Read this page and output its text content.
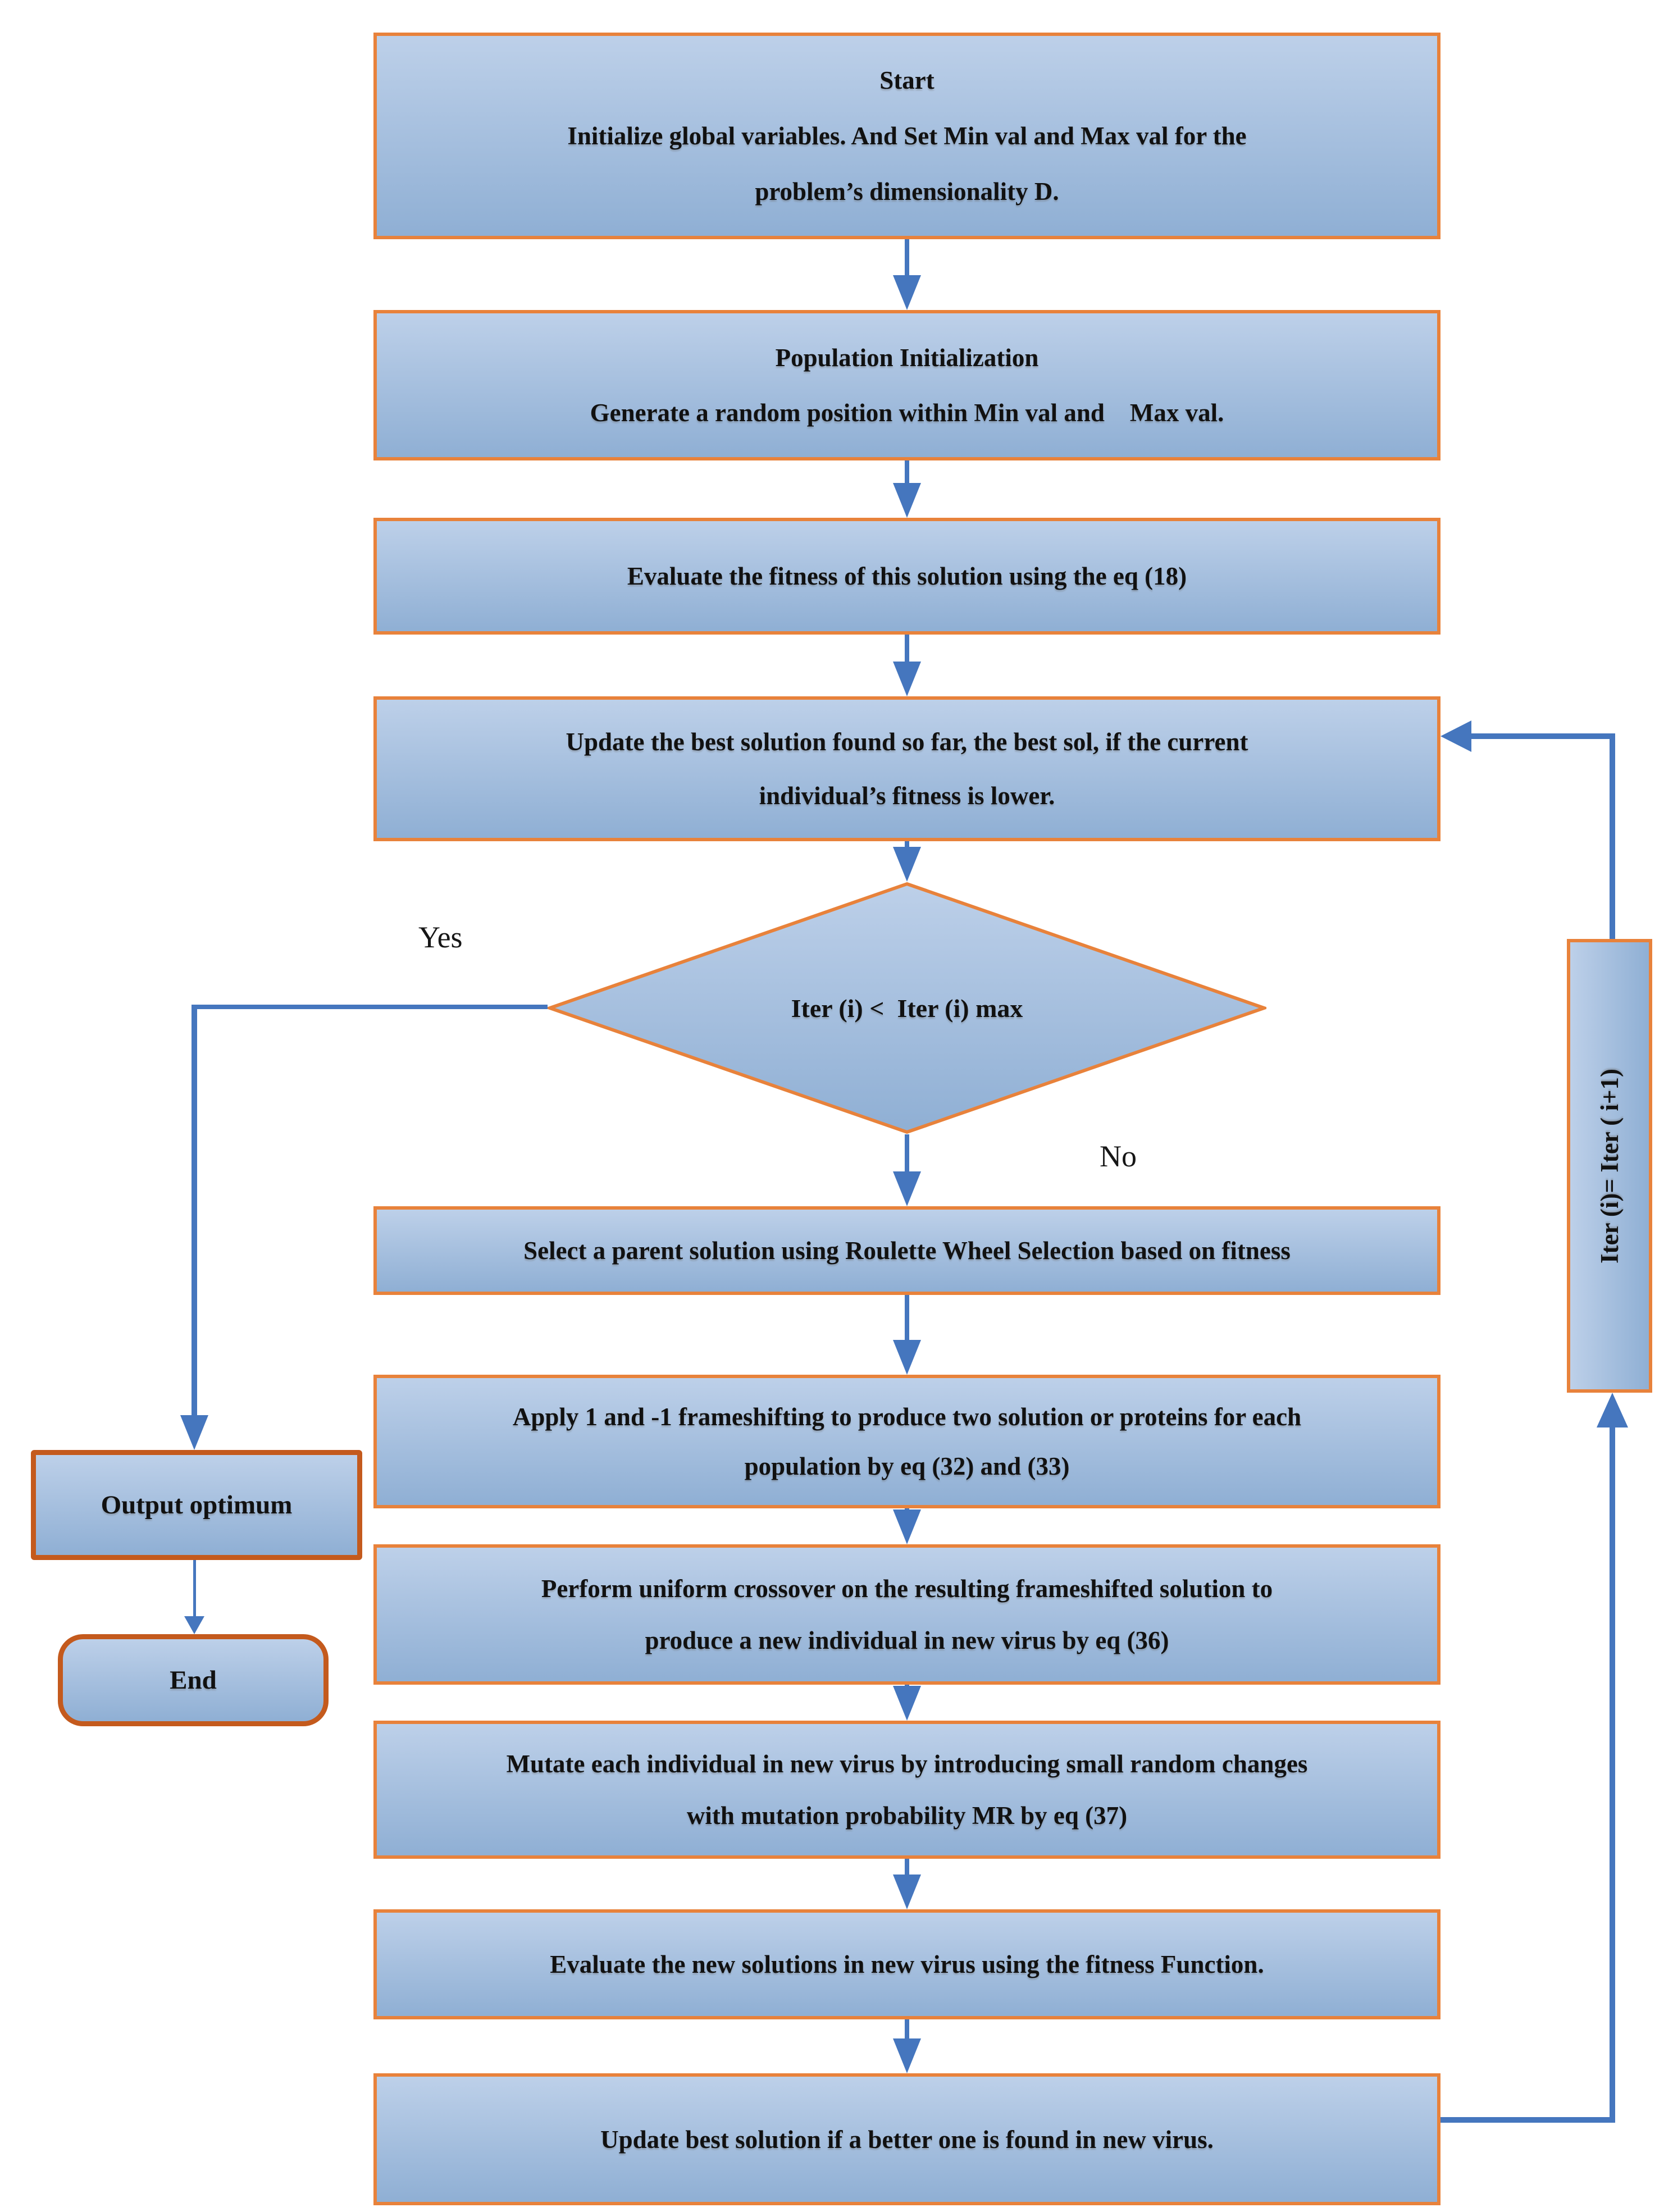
Start
Initialize global variables. And Set Min val and Max val for the
problem’s dimensionality D.
Population Initialization
Generate a random position within Min val and    Max val.
Evaluate the fitness of this solution using the eq (18)
Update the best solution found so far, the best sol, if the current
individual’s fitness is lower.
Iter (i) <  Iter (i) max
Select a parent solution using Roulette Wheel Selection based on fitness
Apply 1 and -1 frameshifting to produce two solution or proteins for each
population by eq (32) and (33)
Perform uniform crossover on the resulting frameshifted solution to
produce a new individual in new virus by eq (36)
Mutate each individual in new virus by introducing small random changes
with mutation probability MR by eq (37)
Evaluate the new solutions in new virus using the fitness Function.
Update best solution if a better one is found in new virus.
Output optimum
End
Iter (i)= Iter ( i+1)
Yes
No
